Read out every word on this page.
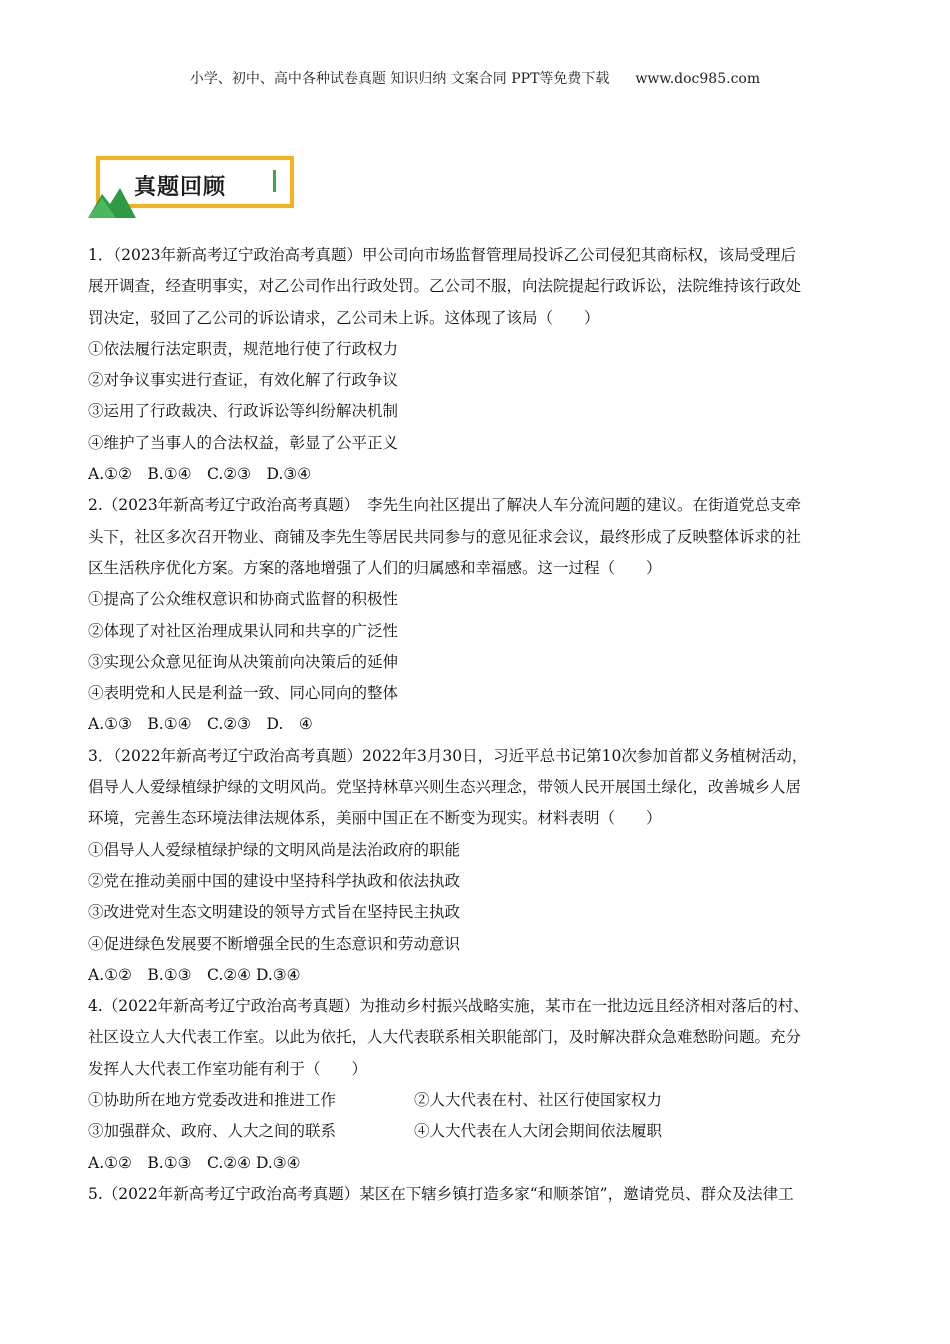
小学、初中、高中各种试卷真题 知识归纳 文案合同 PPT等免费下载 www.doc985.com
真题回顾

1．（2023年新高考辽宁政治高考真题）甲公司向市场监督管理局投诉乙公司侵犯其商标权，该局受理后

展开调查，经查明事实，对乙公司作出行政处罚。乙公司不服，向法院提起行政诉讼，法院维持该行政处

罚决定，驳回了乙公司的诉讼请求，乙公司未上诉。这体现了该局（　　）

①依法履行法定职责，规范地行使了行政权力

②对争议事实进行查证，有效化解了行政争议

③运用了行政裁决、行政诉讼等纠纷解决机制

④维护了当事人的合法权益，彰显了公平正义

A.①②　B.①④　C.②③　D.③④

2.（2023年新高考辽宁政治高考真题）　李先生向社区提出了解决人车分流问题的建议。在街道党总支牵

头下，社区多次召开物业、商铺及李先生等居民共同参与的意见征求会议，最终形成了反映整体诉求的社

区生活秩序优化方案。方案的落地增强了人们的归属感和幸福感。这一过程（　　）

①提高了公众维权意识和协商式监督的积极性

②体现了对社区治理成果认同和共享的广泛性

③实现公众意见征询从决策前向决策后的延伸

④表明党和人民是利益一致、同心同向的整体

A.①③　B.①④　C.②③　D.　④

3．（2022年新高考辽宁政治高考真题）2022年3月30日，习近平总书记第10次参加首都义务植树活动，

倡导人人爱绿植绿护绿的文明风尚。党坚持林草兴则生态兴理念，带领人民开展国土绿化，改善城乡人居

环境，完善生态环境法律法规体系，美丽中国正在不断变为现实。材料表明（　　）

①倡导人人爱绿植绿护绿的文明风尚是法治政府的职能

②党在推动美丽中国的建设中坚持科学执政和依法执政

③改进党对生态文明建设的领导方式旨在坚持民主执政

④促进绿色发展要不断增强全民的生态意识和劳动意识

A.①②　B.①③　C.②④ D.③④

4.（2022年新高考辽宁政治高考真题）为推动乡村振兴战略实施，某市在一批边远且经济相对落后的村、

社区设立人大代表工作室。以此为依托，人大代表联系相关职能部门，及时解决群众急难愁盼问题。充分

发挥人大代表工作室功能有利于（　　）

①协助所在地方党委改进和推进工作	②人大代表在村、社区行使国家权力
③加强群众、政府、人大之间的联系	④人大代表在人大闭会期间依法履职

A.①②　B.①③　C.②④ D.③④

5.（2022年新高考辽宁政治高考真题）某区在下辖乡镇打造多家“和顺茶馆”，邀请党员、群众及法律工
